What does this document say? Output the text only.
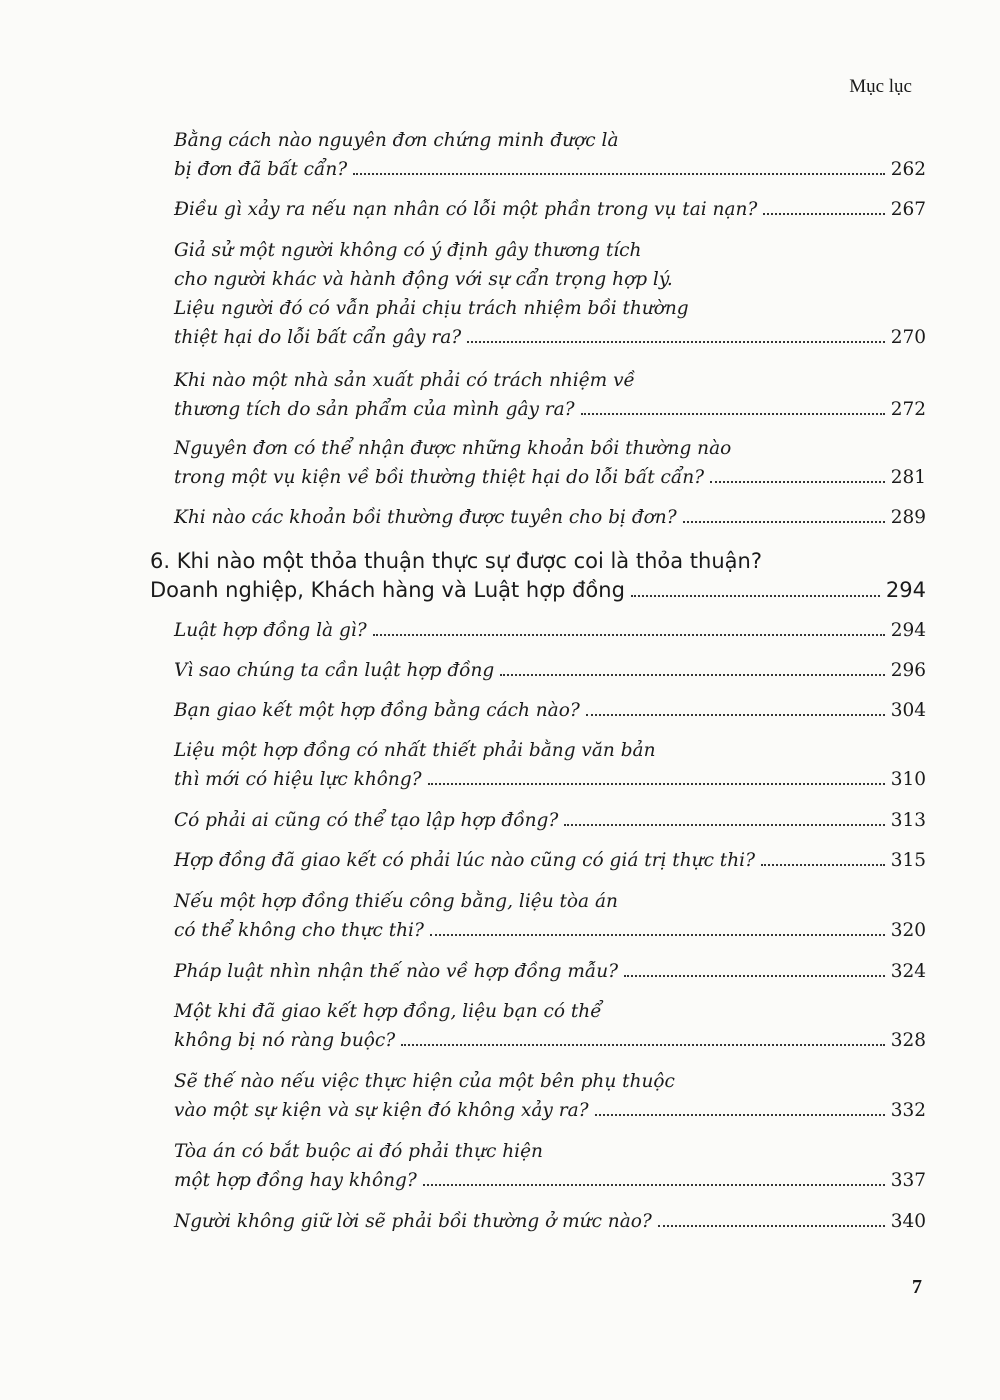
Mục lục
Bằng cách nào nguyên đơn chứng minh được là
bị đơn đã bất cẩn?	262
Điều gì xảy ra nếu nạn nhân có lỗi một phần trong vụ tai nạn?	267
Giả sử một người không có ý định gây thương tích
cho người khác và hành động với sự cẩn trọng hợp lý.
Liệu người đó có vẫn phải chịu trách nhiệm bồi thường
thiệt hại do lỗi bất cẩn gây ra?	270
Khi nào một nhà sản xuất phải có trách nhiệm về
thương tích do sản phẩm của mình gây ra?	272
Nguyên đơn có thể nhận được những khoản bồi thường nào
trong một vụ kiện về bồi thường thiệt hại do lỗi bất cẩn?	281
Khi nào các khoản bồi thường được tuyên cho bị đơn?	289
6. Khi nào một thỏa thuận thực sự được coi là thỏa thuận?
Doanh nghiệp, Khách hàng và Luật hợp đồng	294
Luật hợp đồng là gì?	294
Vì sao chúng ta cần luật hợp đồng	296
Bạn giao kết một hợp đồng bằng cách nào?	304
Liệu một hợp đồng có nhất thiết phải bằng văn bản
thì mới có hiệu lực không?	310
Có phải ai cũng có thể tạo lập hợp đồng?	313
Hợp đồng đã giao kết có phải lúc nào cũng có giá trị thực thi?	315
Nếu một hợp đồng thiếu công bằng, liệu tòa án
có thể không cho thực thi?	320
Pháp luật nhìn nhận thế nào về hợp đồng mẫu?	324
Một khi đã giao kết hợp đồng, liệu bạn có thể
không bị nó ràng buộc?	328
Sẽ thế nào nếu việc thực hiện của một bên phụ thuộc
vào một sự kiện và sự kiện đó không xảy ra?	332
Tòa án có bắt buộc ai đó phải thực hiện
một hợp đồng hay không?	337
Người không giữ lời sẽ phải bồi thường ở mức nào?	340
7
